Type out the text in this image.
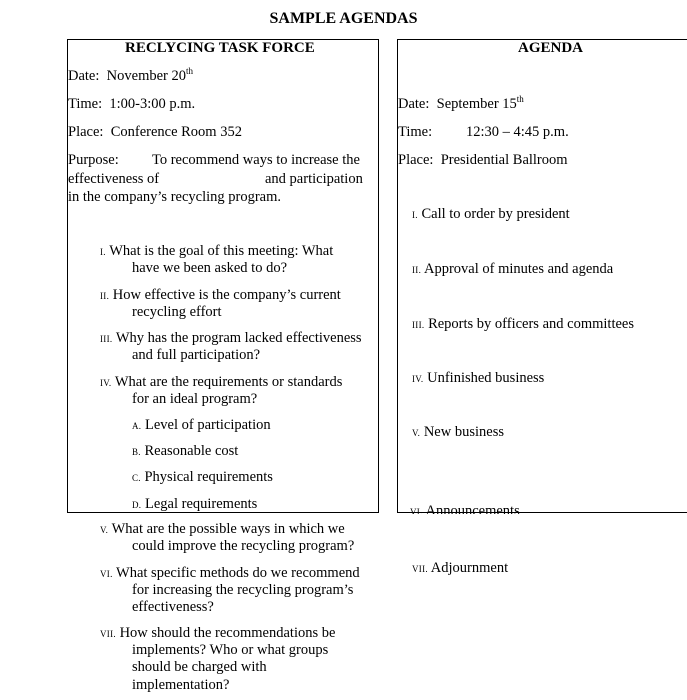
SAMPLE AGENDAS
RECLYCING TASK FORCE
Date: November 20th
Time: 1:00-3:00 p.m.
Place: Conference Room 352
Purpose: To recommend ways to increase the
effectiveness of	and participation
in the company’s recycling program.
I. What is the goal of this meeting: What
have we been asked to do?
II. How effective is the company’s current
recycling effort
III. Why has the program lacked effectiveness
and full participation?
IV. What are the requirements or standards
for an ideal program?
A. Level of participation
B. Reasonable cost
C. Physical requirements
D. Legal requirements
V. What are the possible ways in which we
could improve the recycling program?
VI. What specific methods do we recommend
for increasing the recycling program’s
effectiveness?
VII. How should the recommendations be
implements? Who or what groups
should be charged with
implementation?
VI. Announcements
AGENDA
Date: September 15th
Time: 12:30 – 4:45 p.m.
Place: Presidential Ballroom
I. Call to order by president
II. Approval of minutes and agenda
III. Reports by officers and committees
IV. Unfinished business
V. New business
VII. Adjournment
